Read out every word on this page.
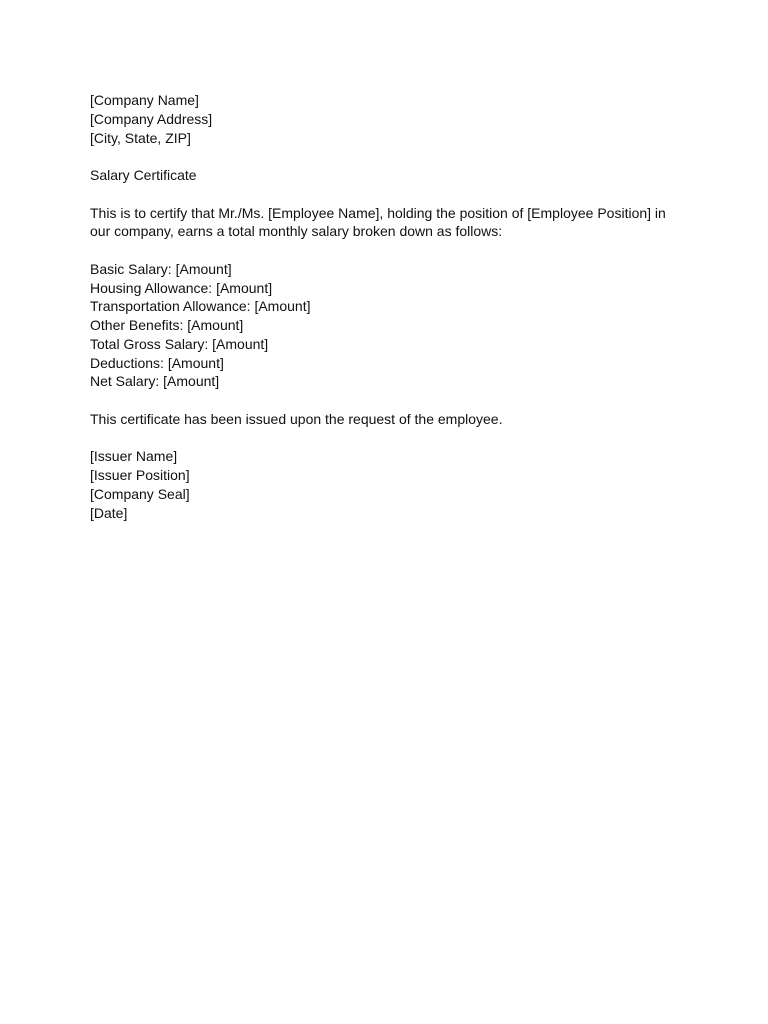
[Company Name]
[Company Address]
[City, State, ZIP]
Salary Certificate
This is to certify that Mr./Ms. [Employee Name], holding the position of [Employee Position] in
our company, earns a total monthly salary broken down as follows:
Basic Salary: [Amount]
Housing Allowance: [Amount]
Transportation Allowance: [Amount]
Other Benefits: [Amount]
Total Gross Salary: [Amount]
Deductions: [Amount]
Net Salary: [Amount]
This certificate has been issued upon the request of the employee.
[Issuer Name]
[Issuer Position]
[Company Seal]
[Date]
